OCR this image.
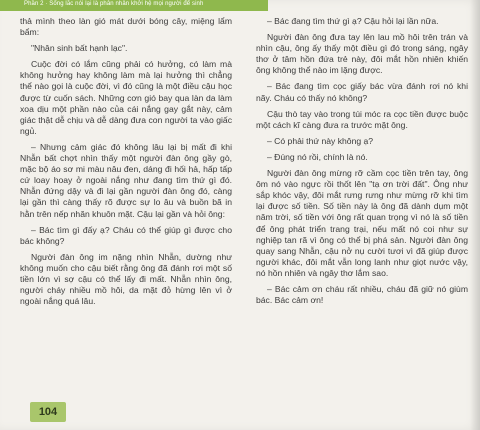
Phần 2 · Sống lắc nói lại là phân nhân khởi hệ mọi người để sinh

thả mình theo làn gió mát dưới bóng cây, miệng lẩm bẩm:

"Nhân sinh bất hạnh lạc".

Cuộc đời có lắm cũng phải có hưởng, có làm mà không hưởng hay không làm mà lại hưởng thì chẳng thể nào gọi là cuộc đời, vì đó cũng là một điều cậu học được từ cuốn sách. Những cơn gió bay qua làn da làm xoa dịu một phần nào của cái nắng gay gắt này, cảm giác thật dễ chịu và dễ dàng đưa con người ta vào giấc ngủ.

– Nhưng cảm giác đó không lâu lại bị mất đi khi Nhẫn bất chợt nhìn thấy một người đàn ông gầy gò, mặc bộ áo sơ mi màu nâu đen, dáng đi hối hả, hấp tấp cứ loay hoay ở ngoài nắng như đang tìm thứ gì đó. Nhẫn đứng dậy và đi lại gần người đàn ông đó, càng lại gần thì càng thấy rõ được sự lo âu và buồn bã in hằn trên nếp nhăn khuôn mặt. Cậu lại gần và hỏi ông:

– Bác tìm gì đấy ạ? Cháu có thể giúp gì được cho bác không?

Người đàn ông im nặng nhìn Nhẫn, dường như không muốn cho cậu biết rằng ông đã đánh rơi một số tiền lớn vì sợ cậu có thể lấy đi mất. Nhẫn nhìn ông, người cháy nhiều mồ hôi, da mặt đỏ hừng lên vì ở ngoài nắng quá lâu.

– Bác đang tìm thứ gì ạ? Cậu hỏi lại lần nữa.

Người đàn ông đưa tay lên lau mồ hôi trên trán và nhìn cậu, ông ấy thấy một điều gì đó trong sáng, ngây thơ ở tâm hồn đứa trẻ này, đôi mắt hồn nhiên khiến ông không thể nào im lặng được.

– Bác đang tìm cọc giấy bác vừa đánh rơi nó khi nãy. Cháu có thấy nó không?

Cậu thò tay vào trong túi móc ra cọc tiền được buộc một cách kĩ càng đưa ra trước mặt ông.

– Có phải thứ này không ạ?

– Đúng nó rồi, chính là nó.

Người đàn ông mừng rỡ cầm cọc tiền trên tay, ông ôm nó vào ngực rồi thốt lên "tạ ơn trời đất". Ông như sắp khóc vậy, đôi mắt rưng rưng như mừng rỡ khi tìm lại được số tiền. Số tiền này là ông đã dành dụm một năm trời, số tiền với ông rất quan trọng vì nó là số tiền để ông phát triển trang trại, nếu mất nó coi như sự nghiệp tan rã vì ông có thể bị phá sản. Người đàn ông quay sang Nhẫn, cậu nở nụ cười tươi vì đã giúp được người khác, đôi mắt vẫn long lanh như giọt nước vậy, nó hồn nhiên và ngây thơ lắm sao.

– Bác cảm ơn cháu rất nhiều, cháu đã giữ nó giùm bác. Bác cảm ơn!

104
